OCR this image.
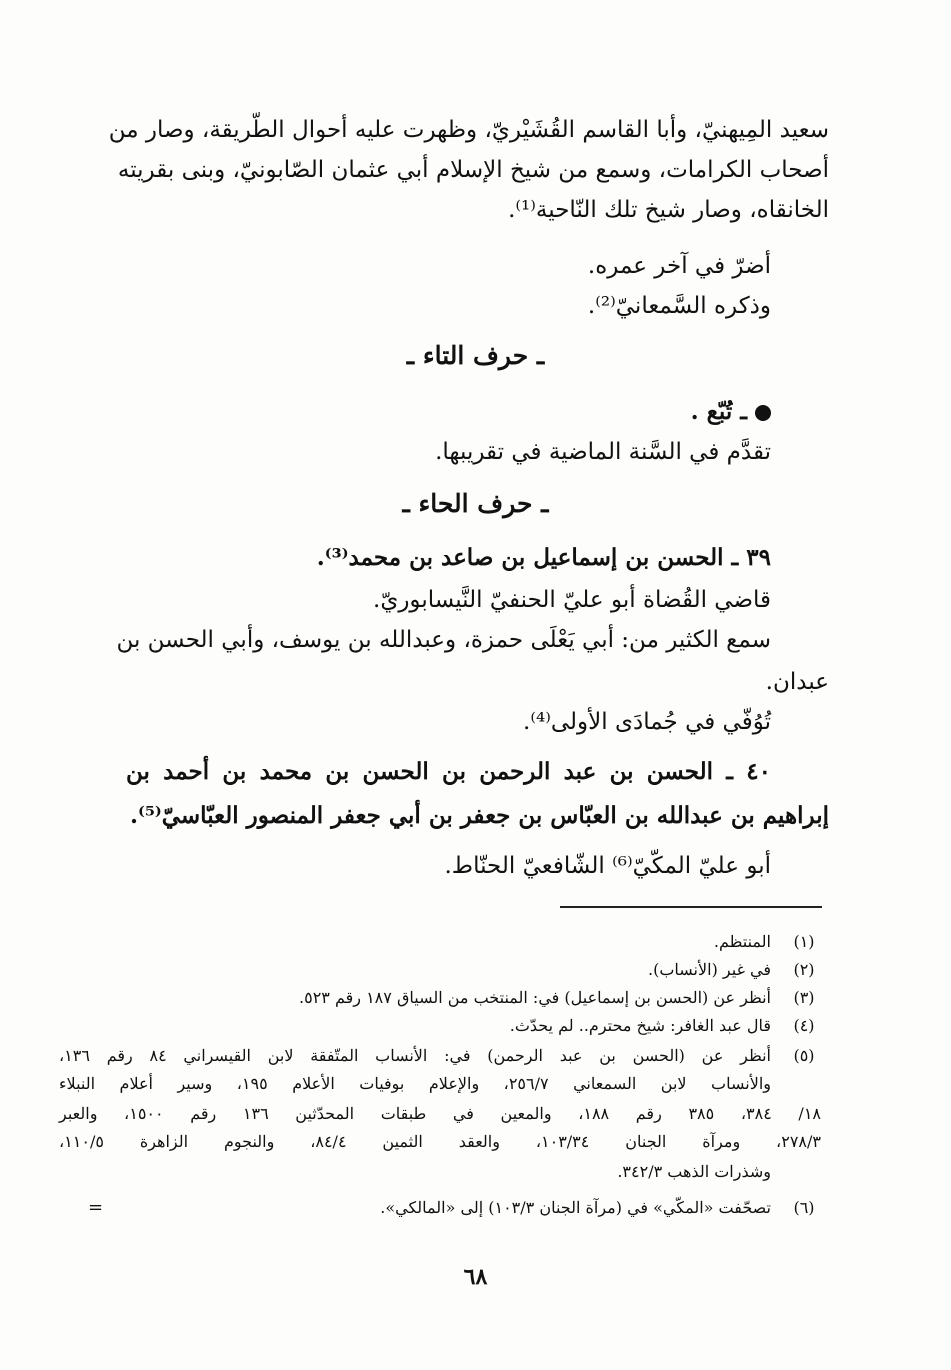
سعيد المِيهنيّ، وأبا القاسم القُشَيْريّ، وظهرت عليه أحوال الطّريقة، وصار من
أصحاب الكرامات، وسمع من شيخ الإسلام أبي عثمان الصّابونيّ، وبنى بقريته
الخانقاه، وصار شيخ تلك النّاحية⁽¹⁾.
أضرّ في آخر عمره.
وذكره السَّمعانيّ⁽²⁾.
ـ حرف التاء ـ
ـ تُبّع .
تقدَّم في السَّنة الماضية في تقريبها.
ـ حرف الحاء ـ
٣٩ ـ الحسن بن إسماعيل بن صاعد بن محمد⁽³⁾.
قاضي القُضاة أبو عليّ الحنفيّ النَّيسابوريّ.
سمع الكثير من: أبي يَعْلَى حمزة، وعبدالله بن يوسف، وأبي الحسن بن
عبدان.
تُوُفّي في جُمادَى الأولى⁽⁴⁾.
٤٠ ـ الحسن بن عبد الرحمن بن الحسن بن محمد بن أحمد بن
إبراهيم بن عبدالله بن العبّاس بن جعفر بن أبي جعفر المنصور العبّاسيّ⁽⁵⁾.
أبو عليّ المكّيّ⁽⁶⁾ الشّافعيّ الحنّاط.
(١)
المنتظم.
(٢)
في غير (الأنساب).
(٣)
أنظر عن (الحسن بن إسماعيل) في: المنتخب من السياق ١٨٧ رقم ٥٢٣.
(٤)
قال عبد الغافر: شيخ محترم.. لم يحدّث.
(٥)
أنظر عن (الحسن بن عبد الرحمن) في: الأنساب المتّفقة لابن القيسراني ٨٤ رقم ١٣٦،
والأنساب لابن السمعاني ٢٥٦/٧، والإعلام بوفيات الأعلام ١٩٥، وسير أعلام النبلاء
١٨/ ٣٨٤، ٣٨٥ رقم ١٨٨، والمعين في طبقات المحدّثين ١٣٦ رقم ١٥٠٠، والعبر
٢٧٨/٣، ومرآة الجنان ١٠٣/٣٤، والعقد الثمين ٨٤/٤، والنجوم الزاهرة ١١٠/٥،
وشذرات الذهب ٣٤٢/٣.
(٦)
تصحّفت «المكّي» في (مرآة الجنان ١٠٣/٣) إلى «المالكي».
=
٦٨
